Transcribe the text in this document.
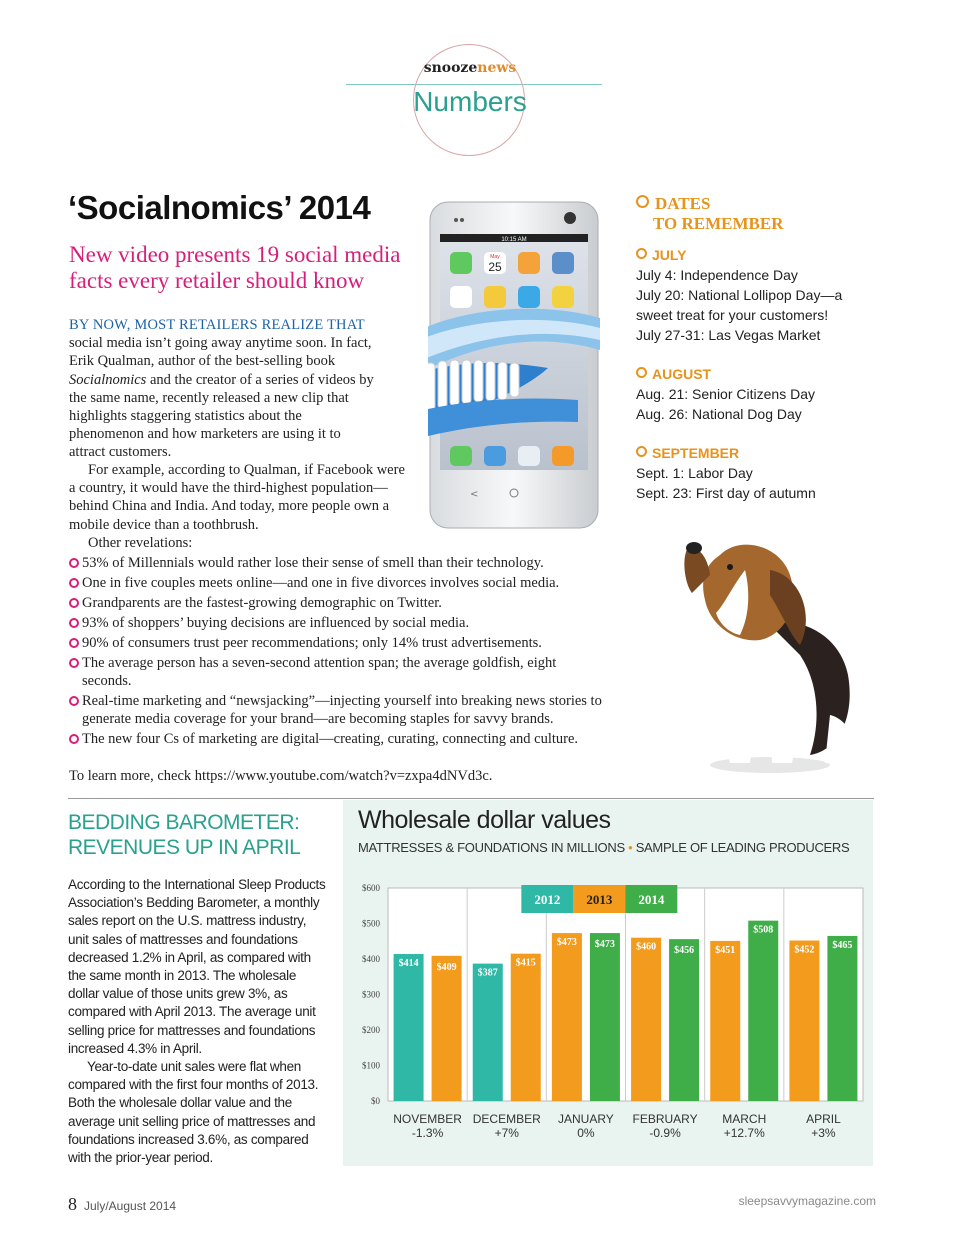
snoozenews
Numbers
‘Socialnomics’ 2014
New video presents 19 social media facts every retailer should know
BY NOW, MOST RETAILERS REALIZE THAT social media isn’t going away anytime soon. In fact, Erik Qualman, author of the best-selling book Socialnomics and the creator of a series of videos by the same name, recently released a new clip that highlights staggering statistics about the phenomenon and how marketers are using it to attract customers.
For example, according to Qualman, if Facebook were a country, it would have the third-highest population—behind China and India. And today, more people own a mobile device than a toothbrush.
Other revelations:
53% of Millennials would rather lose their sense of smell than their technology.
One in five couples meets online—and one in five divorces involves social media.
Grandparents are the fastest-growing demographic on Twitter.
93% of shoppers’ buying decisions are influenced by social media.
90% of consumers trust peer recommendations; only 14% trust advertisements.
The average person has a seven-second attention span; the average goldfish, eight seconds.
Real-time marketing and “newsjacking”—injecting yourself into breaking news stories to generate media coverage for your brand—are becoming staples for savvy brands.
The new four Cs of marketing are digital—creating, curating, connecting and culture.
To learn more, check https://www.youtube.com/watch?v=zxpa4dNVd3c.
10:15 AM
May
25
<
DATES
TO REMEMBER
JULY
July 4: Independence Day
July 20: National Lollipop Day—a sweet treat for your customers!
July 27-31: Las Vegas Market
AUGUST
Aug. 21: Senior Citizens Day
Aug. 26: National Dog Day
SEPTEMBER
Sept. 1: Labor Day
Sept. 23: First day of autumn
BEDDING BAROMETER:
REVENUES UP IN APRIL

According to the International Sleep Products Association’s Bedding Barometer, a monthly sales report on the U.S. mattress industry, unit sales of mattresses and foundations decreased 1.2% in April, as compared with the same month in 2013. The wholesale dollar value of those units grew 3%, as compared with April 2013. The average unit selling price for mattresses and foundations increased 4.3% in April.

Year-to-date unit sales were flat when compared with the first four months of 2013. Both the wholesale dollar value and the average unit selling price of mattresses and foundations increased 3.6%, as compared with the prior-year period.

Wholesale dollar values
MATTRESSES & FOUNDATIONS IN MILLIONS • SAMPLE OF LEADING PRODUCERS
$0
$100
$200
$300
$400
$500
$600
2012 2013 2014
$414 $409
NOVEMBER
-1.3%
$387
$415
DECEMBER
+7%
$473 $473
JANUARY
0%
$460 $456
FEBRUARY
-0.9%
$451
$508
MARCH
+12.7%
$452 $465
APRIL
+3%
8 July/August 2014	sleepsavvymagazine.com
